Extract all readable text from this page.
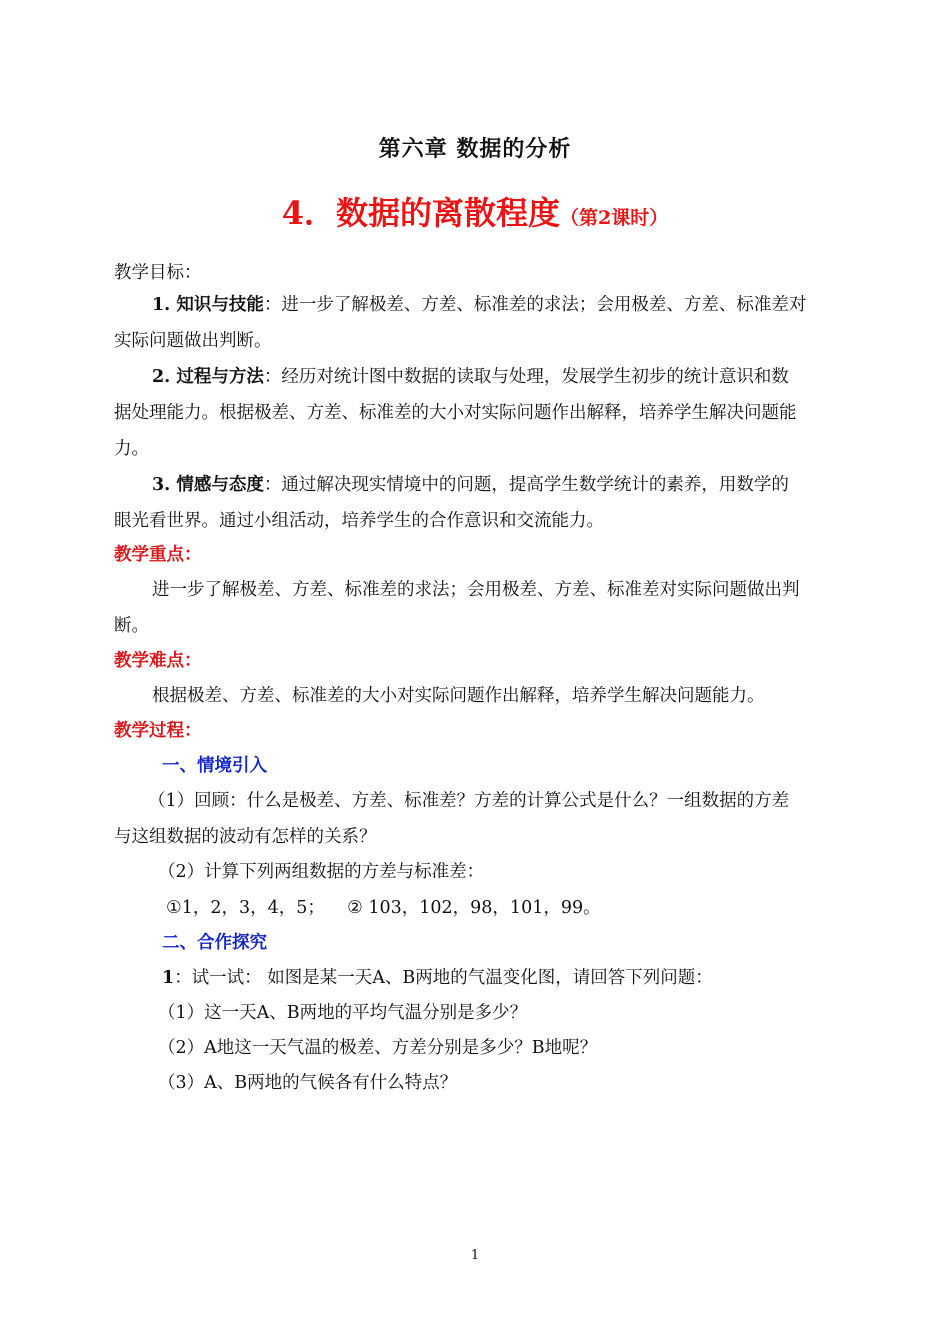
第六章 数据的分析
4．数据的离散程度（第2课时）
教学目标：
1. 知识与技能：进一步了解极差、方差、标准差的求法；会用极差、方差、标准差对
实际问题做出判断。
2. 过程与方法：经历对统计图中数据的读取与处理，发展学生初步的统计意识和数
据处理能力。根据极差、方差、标准差的大小对实际问题作出解释，培养学生解决问题能
力。
3. 情感与态度：通过解决现实情境中的问题，提高学生数学统计的素养，用数学的
眼光看世界。通过小组活动，培养学生的合作意识和交流能力。
教学重点：
进一步了解极差、方差、标准差的求法；会用极差、方差、标准差对实际问题做出判
断。
教学难点：
根据极差、方差、标准差的大小对实际问题作出解释，培养学生解决问题能力。
教学过程：
一、情境引入
（1）回顾：什么是极差、方差、标准差？方差的计算公式是什么？一组数据的方差
与这组数据的波动有怎样的关系？
（2）计算下列两组数据的方差与标准差：
①1，2，3，4，5；    ② 103，102，98，101，99。
二、合作探究
1：试一试： 如图是某一天A、B两地的气温变化图，请回答下列问题：
（1）这一天A、B两地的平均气温分别是多少？
（2）A地这一天气温的极差、方差分别是多少？B地呢？
（3）A、B两地的气候各有什么特点？
1
